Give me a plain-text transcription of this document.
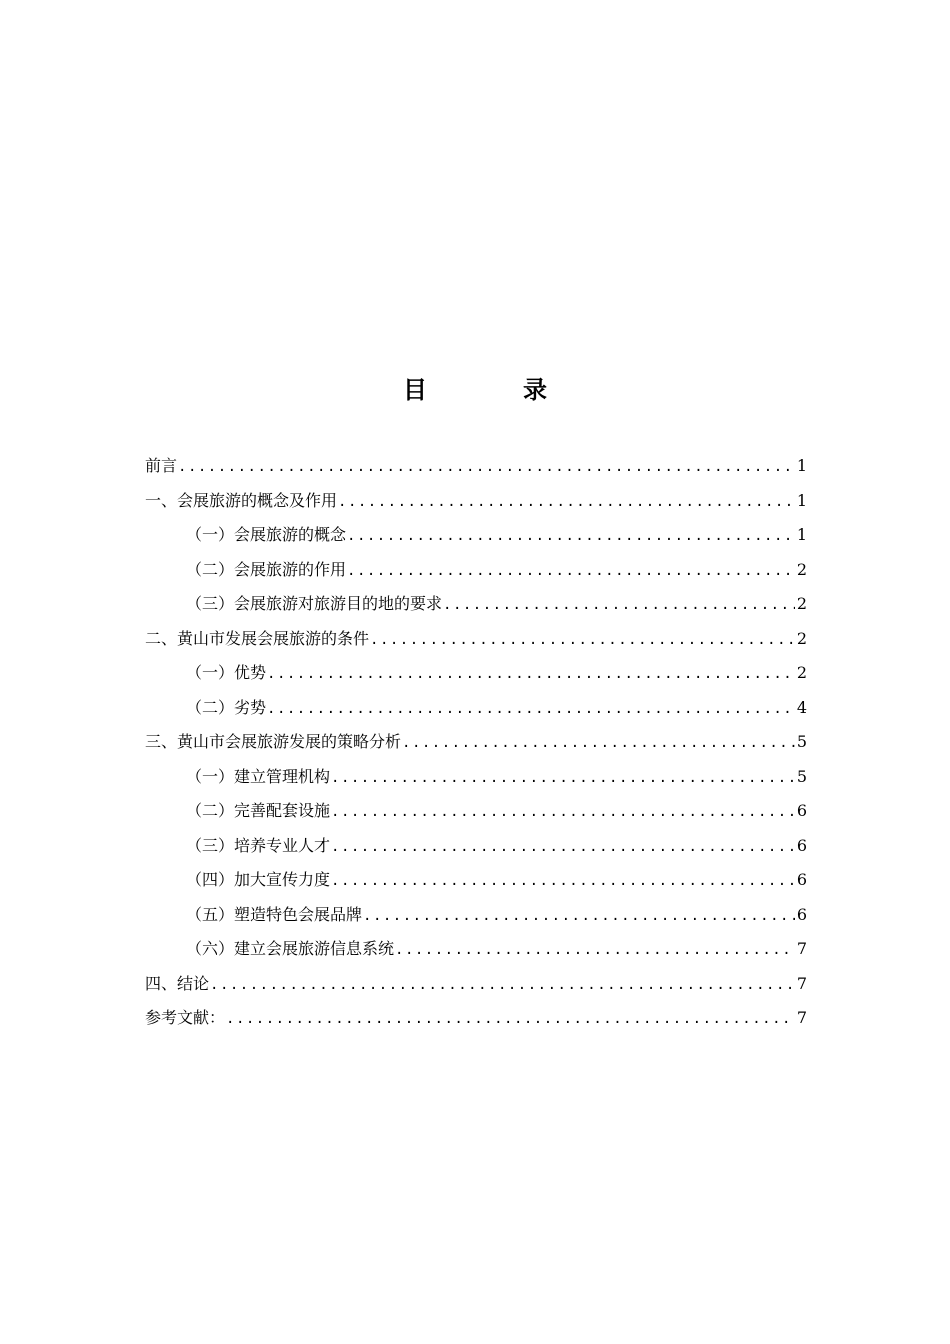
目　录
前言 .....	1
一、会展旅游的概念及作用 .....	1
（一）会展旅游的概念 .....	1
（二）会展旅游的作用 .....	2
（三）会展旅游对旅游目的地的要求 .....	2
二、黄山市发展会展旅游的条件 .....	2
（一）优势 .....	2
（二）劣势 .....	4
三、黄山市会展旅游发展的策略分析 .....	5
（一）建立管理机构 .....	5
（二）完善配套设施 .....	6
（三）培养专业人才 .....	6
（四）加大宣传力度 .....	6
（五）塑造特色会展品牌 .....	6
（六）建立会展旅游信息系统 .....	7
四、结论 .....	7
参考文献： .....	7
